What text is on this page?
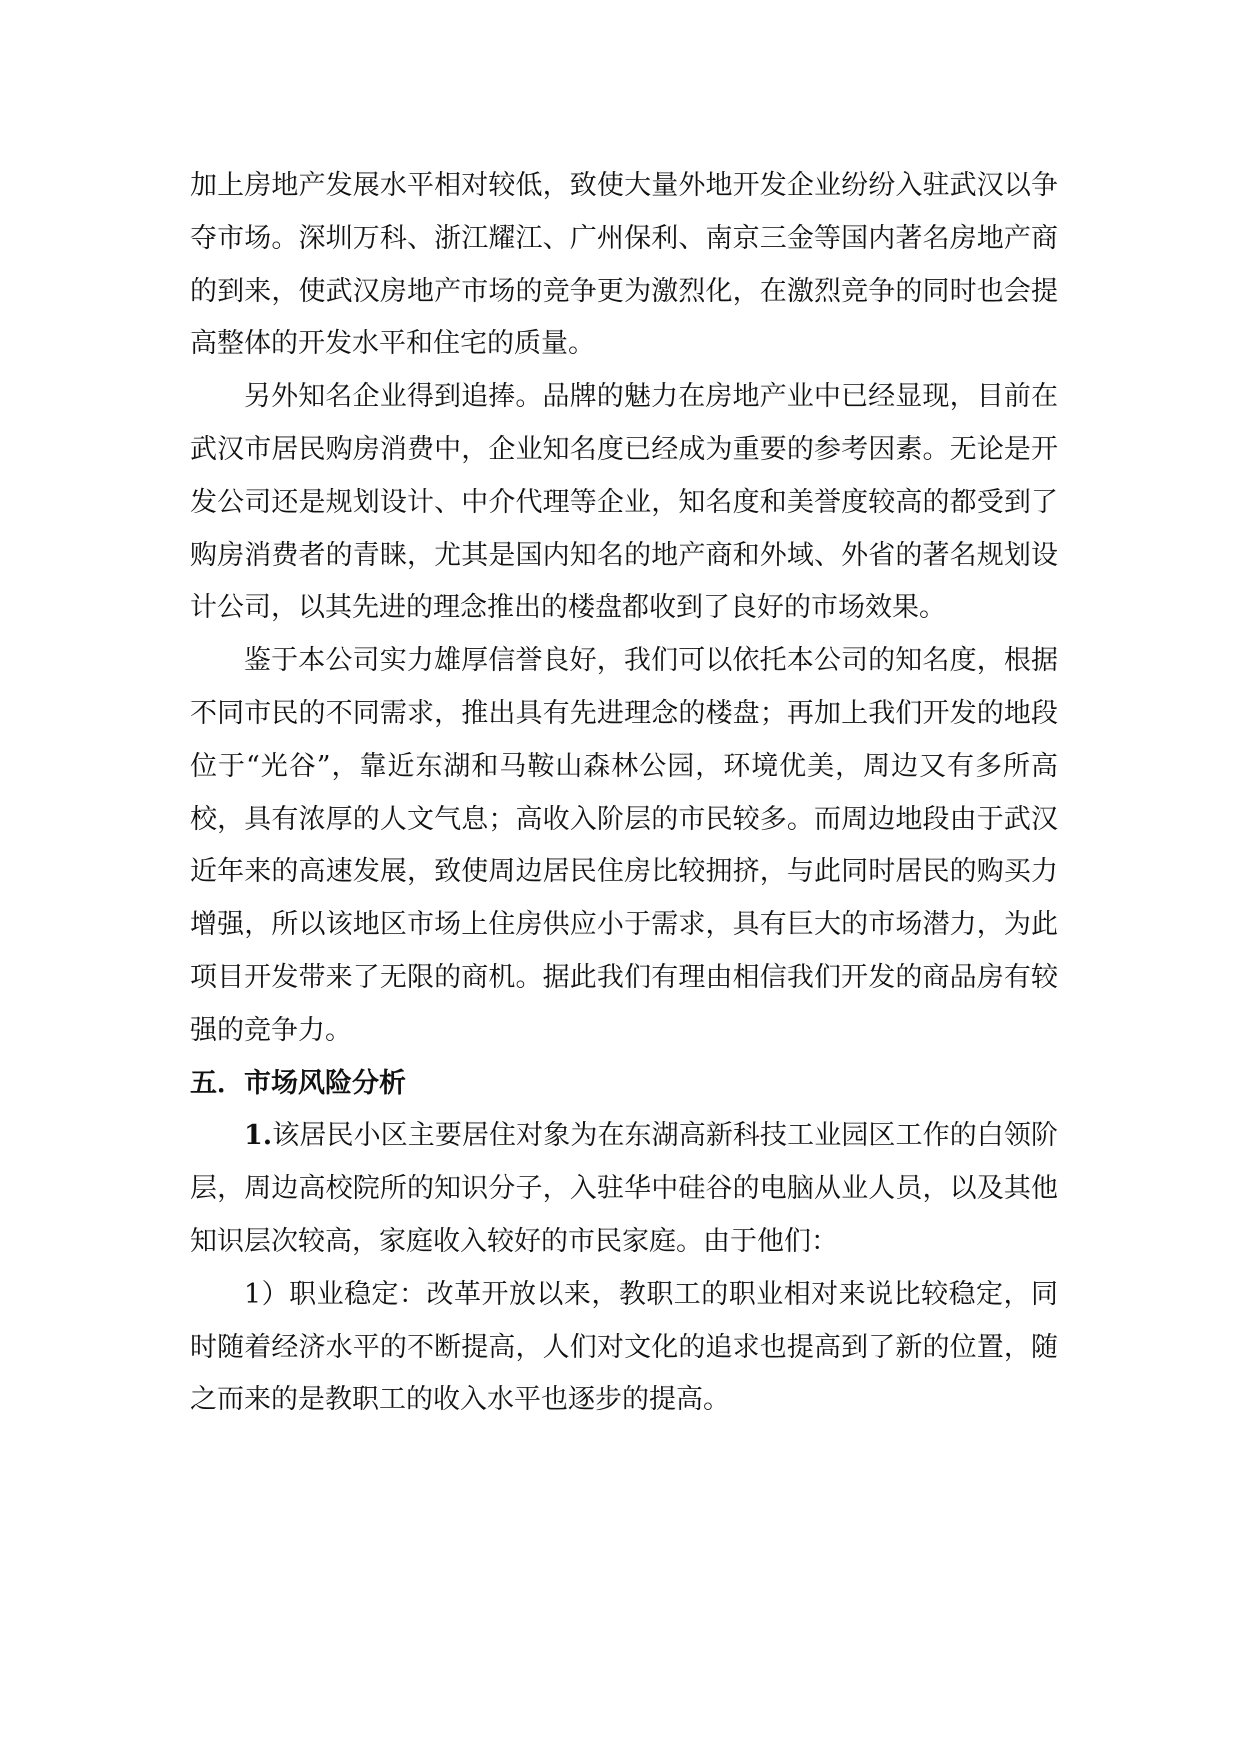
加上房地产发展水平相对较低，致使大量外地开发企业纷纷入驻武汉以争夺市场。深圳万科、浙江耀江、广州保利、南京三金等国内著名房地产商的到来，使武汉房地产市场的竞争更为激烈化，在激烈竞争的同时也会提高整体的开发水平和住宅的质量。

另外知名企业得到追捧。品牌的魅力在房地产业中已经显现，目前在武汉市居民购房消费中，企业知名度已经成为重要的参考因素。无论是开发公司还是规划设计、中介代理等企业，知名度和美誉度较高的都受到了购房消费者的青睐，尤其是国内知名的地产商和外域、外省的著名规划设计公司，以其先进的理念推出的楼盘都收到了良好的市场效果。

鉴于本公司实力雄厚信誉良好，我们可以依托本公司的知名度，根据不同市民的不同需求，推出具有先进理念的楼盘；再加上我们开发的地段位于“光谷”，靠近东湖和马鞍山森林公园，环境优美，周边又有多所高校，具有浓厚的人文气息；高收入阶层的市民较多。而周边地段由于武汉近年来的高速发展，致使周边居民住房比较拥挤，与此同时居民的购买力增强，所以该地区市场上住房供应小于需求，具有巨大的市场潜力，为此项目开发带来了无限的商机。据此我们有理由相信我们开发的商品房有较强的竞争力。

五．市场风险分析

1.该居民小区主要居住对象为在东湖高新科技工业园区工作的白领阶层，周边高校院所的知识分子，入驻华中硅谷的电脑从业人员，以及其他知识层次较高，家庭收入较好的市民家庭。由于他们：

1）职业稳定：改革开放以来，教职工的职业相对来说比较稳定，同时随着经济水平的不断提高，人们对文化的追求也提高到了新的位置，随之而来的是教职工的收入水平也逐步的提高。
